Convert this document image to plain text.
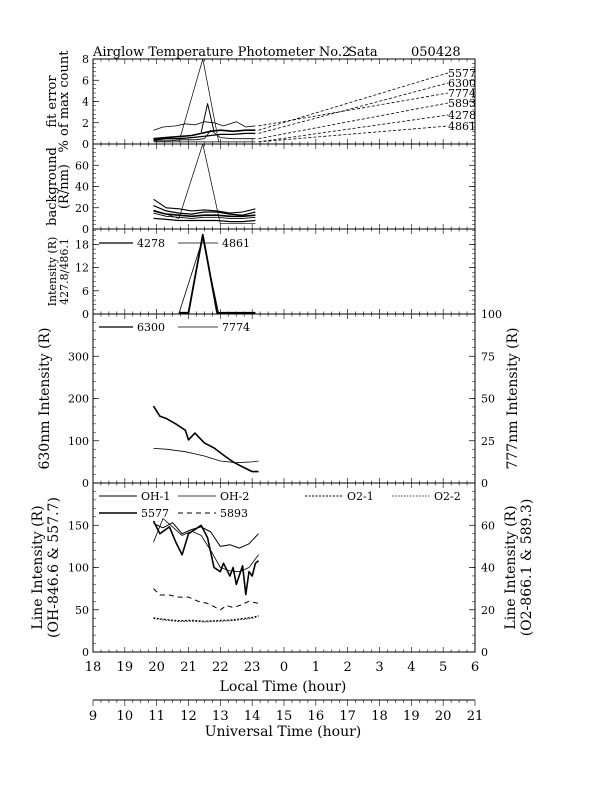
Airglow Temperature Photometer No.2
Sata	050428
0
2
4
6
8
fit error
% of max count	5577
6300
7774
5893
4278
4861
0
20
40
60
background
(R/nm)
0
6
12
18
Intensity (R) 427.8/486.1	4278	4861
0
100
200
300
0
25
50
75
100
630nm Intensity (R)	777nm Intensity (R)
6300	7774
0
50
100
150
0
20
40
60
Line Intensity (R) (OH-846.6 & 557.7)	Line Intensity (R) (O2-866.1 & 589.3)
OH-1	OH-2	O2-1	O2-2
5577	5893
18 19 20 21 22 23 0 1 2 3 4 5 6
9 10 11 12 13 14 15 16 17 18 19 20 21
Local Time (hour)
Universal Time (hour)
